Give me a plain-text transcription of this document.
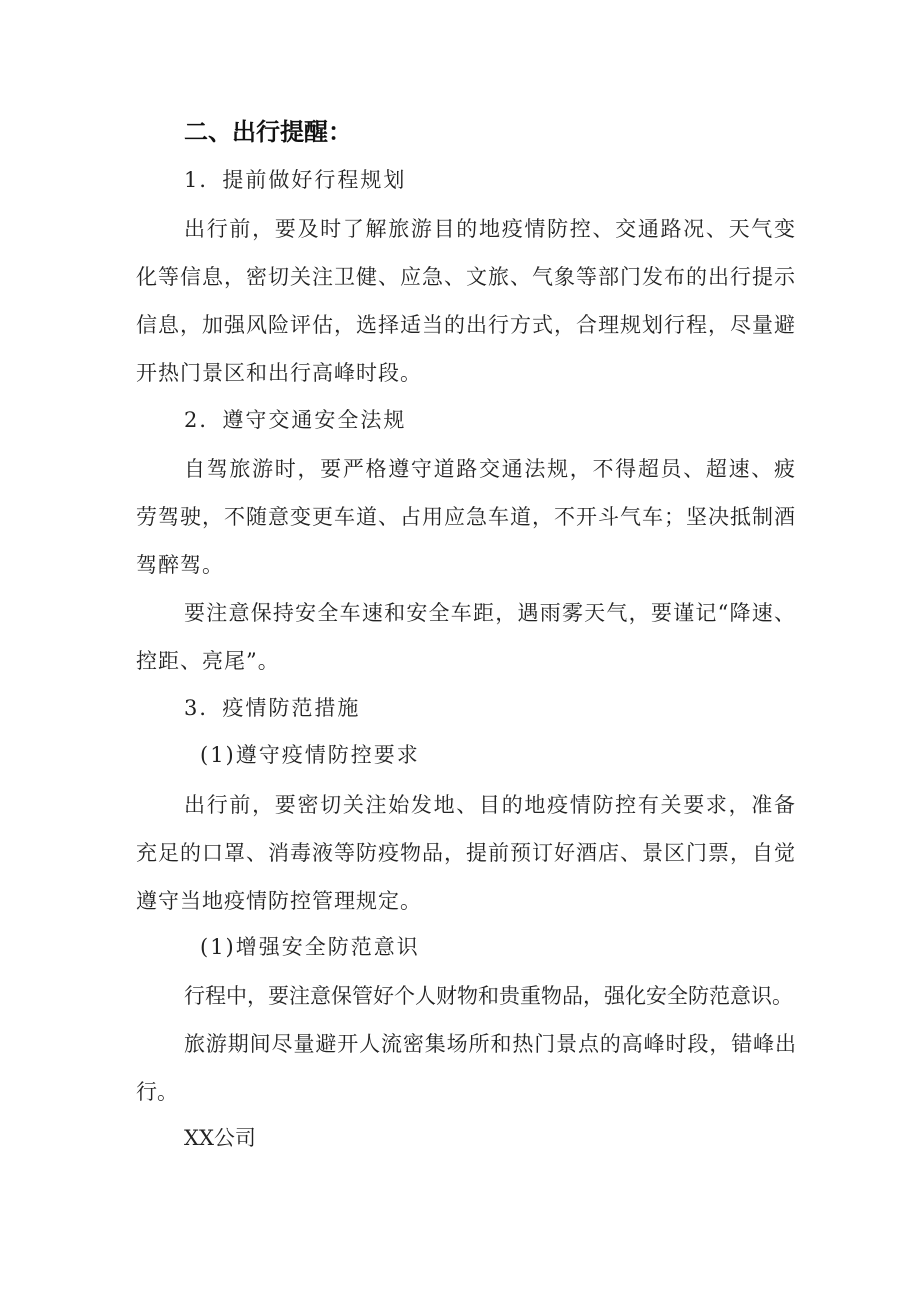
二、出行提醒：
1．提前做好行程规划
出行前，要及时了解旅游目的地疫情防控、交通路况、天气变化等信息，密切关注卫健、应急、文旅、气象等部门发布的出行提示信息，加强风险评估，选择适当的出行方式，合理规划行程，尽量避开热门景区和出行高峰时段。
2．遵守交通安全法规
自驾旅游时，要严格遵守道路交通法规，不得超员、超速、疲劳驾驶，不随意变更车道、占用应急车道，不开斗气车；坚决抵制酒驾醉驾。
要注意保持安全车速和安全车距，遇雨雾天气，要谨记“降速、控距、亮尾”。
3．疫情防范措施
(1)遵守疫情防控要求
出行前，要密切关注始发地、目的地疫情防控有关要求，准备充足的口罩、消毒液等防疫物品，提前预订好酒店、景区门票，自觉遵守当地疫情防控管理规定。
(1)增强安全防范意识
行程中，要注意保管好个人财物和贵重物品，强化安全防范意识。
旅游期间尽量避开人流密集场所和热门景点的高峰时段，错峰出行。
XX公司
